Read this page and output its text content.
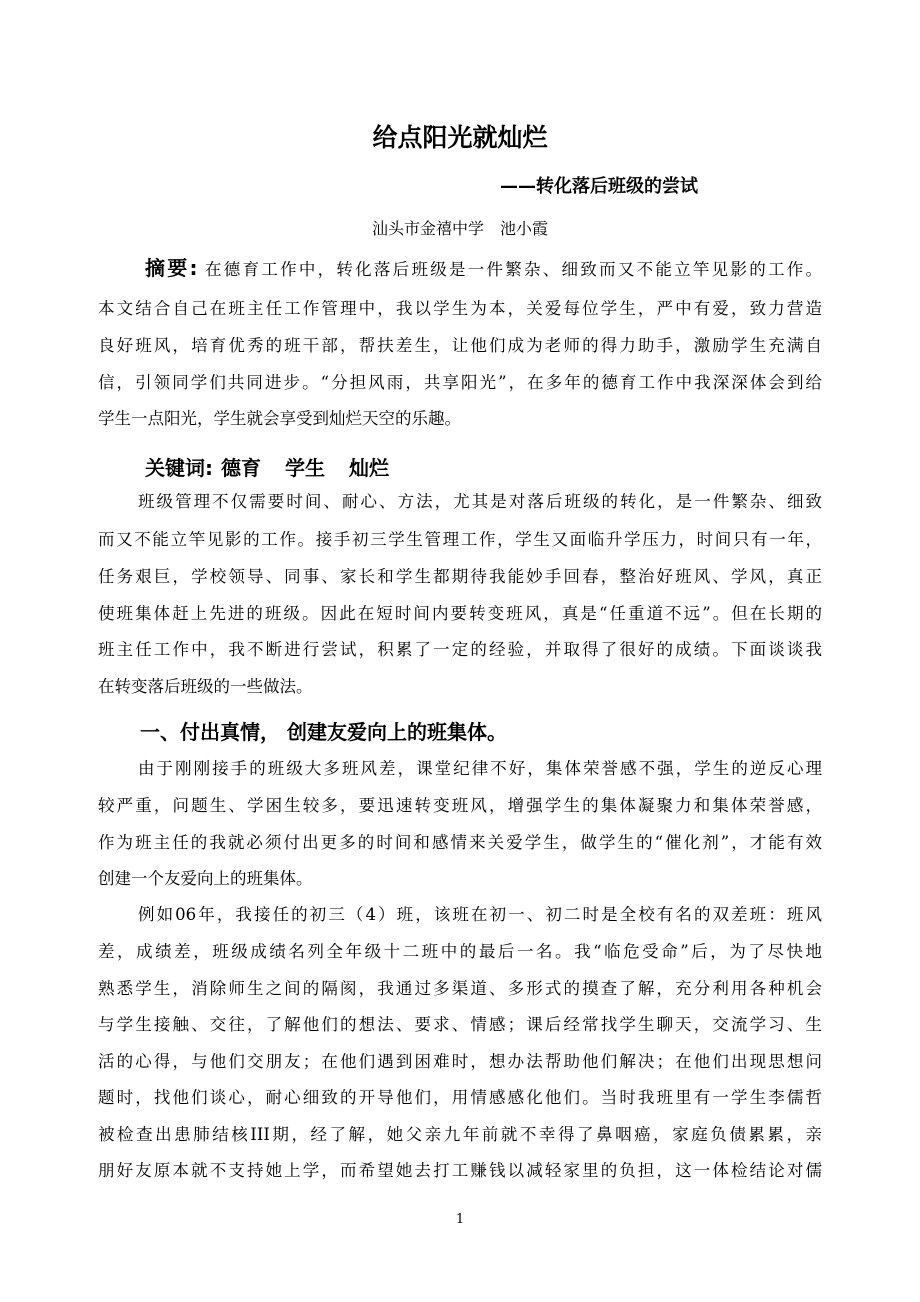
给点阳光就灿烂
——转化落后班级的尝试
汕头市金禧中学　池小霞
摘要: 在德育工作中，转化落后班级是一件繁杂、细致而又不能立竿见影的工作。
本文结合自己在班主任工作管理中，我以学生为本，关爱每位学生，严中有爱，致力营造
良好班风，培育优秀的班干部，帮扶差生，让他们成为老师的得力助手，激励学生充满自
信，引领同学们共同进步。“分担风雨，共享阳光”，在多年的德育工作中我深深体会到给
学生一点阳光，学生就会享受到灿烂天空的乐趣。
关键词: 德育 学生 灿烂
班级管理不仅需要时间、耐心、方法，尤其是对落后班级的转化，是一件繁杂、细致
而又不能立竿见影的工作。接手初三学生管理工作，学生又面临升学压力，时间只有一年，
任务艰巨，学校领导、同事、家长和学生都期待我能妙手回春，整治好班风、学风，真正
使班集体赶上先进的班级。因此在短时间内要转变班风，真是“任重道不远”。但在长期的
班主任工作中，我不断进行尝试，积累了一定的经验，并取得了很好的成绩。下面谈谈我
在转变落后班级的一些做法。
一、付出真情， 创建友爱向上的班集体。
由于刚刚接手的班级大多班风差，课堂纪律不好，集体荣誉感不强，学生的逆反心理
较严重，问题生、学困生较多，要迅速转变班风，增强学生的集体凝聚力和集体荣誉感，
作为班主任的我就必须付出更多的时间和感情来关爱学生，做学生的“催化剂”，才能有效
创建一个友爱向上的班集体。
例如06年，我接任的初三（4）班，该班在初一、初二时是全校有名的双差班：班风
差，成绩差，班级成绩名列全年级十二班中的最后一名。我“临危受命”后，为了尽快地
熟悉学生，消除师生之间的隔阂，我通过多渠道、多形式的摸查了解，充分利用各种机会
与学生接触、交往，了解他们的想法、要求、情感；课后经常找学生聊天，交流学习、生
活的心得，与他们交朋友；在他们遇到困难时，想办法帮助他们解决；在他们出现思想问
题时，找他们谈心，耐心细致的开导他们，用情感感化他们。当时我班里有一学生李儒哲
被检查出患肺结核III期，经了解，她父亲九年前就不幸得了鼻咽癌，家庭负债累累，亲
朋好友原本就不支持她上学，而希望她去打工赚钱以减轻家里的负担，这一体检结论对儒
1
